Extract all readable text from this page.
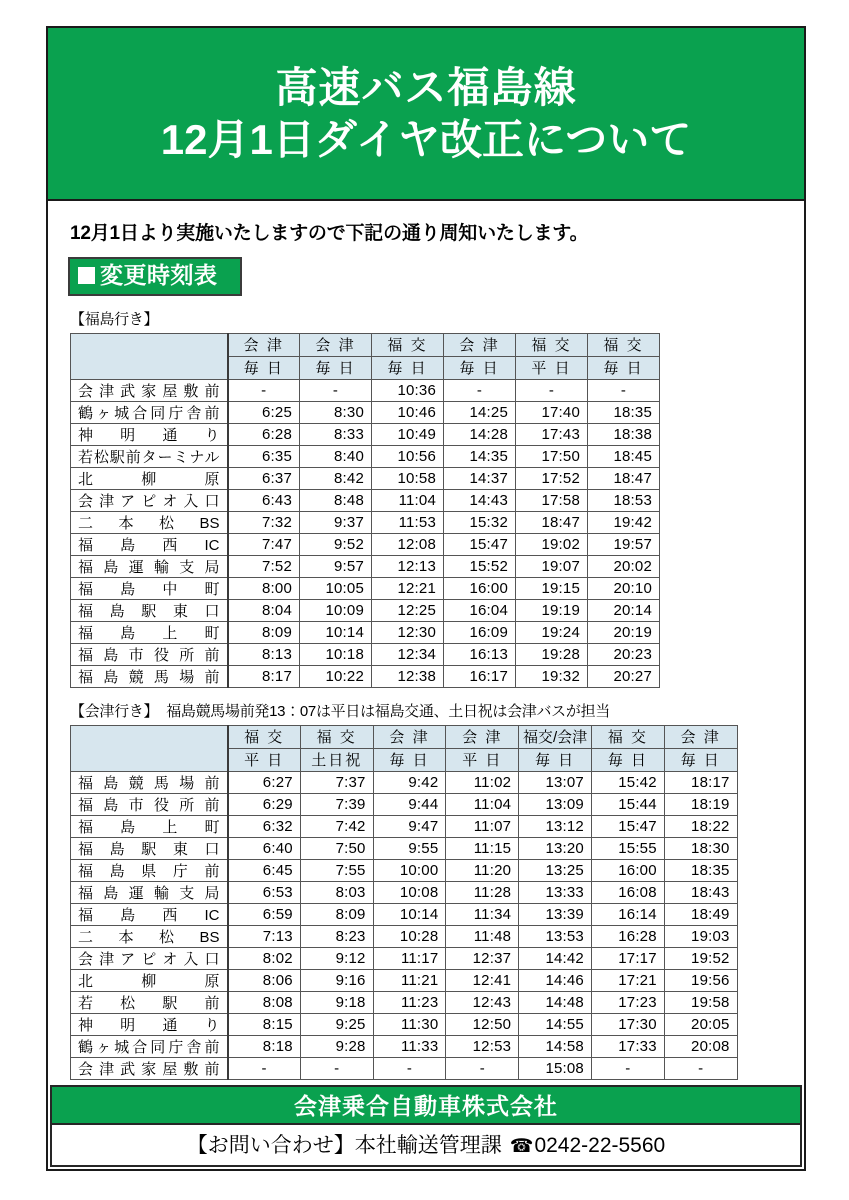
高速バス福島線
12月1日ダイヤ改正について
12月1日より実施いたしますので下記の通り周知いたします。
変更時刻表
【福島行き】
	会 津	会 津	福 交	会 津	福 交	福 交
	毎 日	毎 日	毎 日	毎 日	平 日	毎 日
会津武家屋敷前	-	-	10:36	-	-	-
鶴ヶ城合同庁舎前	6:25	8:30	10:46	14:25	17:40	18:35
神明通り	6:28	8:33	10:49	14:28	17:43	18:38
若松駅前ターミナル	6:35	8:40	10:56	14:35	17:50	18:45
北柳原	6:37	8:42	10:58	14:37	17:52	18:47
会津アピオ入口	6:43	8:48	11:04	14:43	17:58	18:53
二本松BS	7:32	9:37	11:53	15:32	18:47	19:42
福島西IC	7:47	9:52	12:08	15:47	19:02	19:57
福島運輸支局	7:52	9:57	12:13	15:52	19:07	20:02
福島中町	8:00	10:05	12:21	16:00	19:15	20:10
福島駅東口	8:04	10:09	12:25	16:04	19:19	20:14
福島上町	8:09	10:14	12:30	16:09	19:24	20:19
福島市役所前	8:13	10:18	12:34	16:13	19:28	20:23
福島競馬場前	8:17	10:22	12:38	16:17	19:32	20:27
【会津行き】 福島競馬場前発13：07は平日は福島交通、土日祝は会津バスが担当
	福 交	福 交	会 津	会 津	福交/会津	福 交	会 津
	平 日	土日祝	毎 日	平 日	毎 日	毎 日	毎 日
福島競馬場前	6:27	7:37	9:42	11:02	13:07	15:42	18:17
福島市役所前	6:29	7:39	9:44	11:04	13:09	15:44	18:19
福島上町	6:32	7:42	9:47	11:07	13:12	15:47	18:22
福島駅東口	6:40	7:50	9:55	11:15	13:20	15:55	18:30
福島県庁前	6:45	7:55	10:00	11:20	13:25	16:00	18:35
福島運輸支局	6:53	8:03	10:08	11:28	13:33	16:08	18:43
福島西IC	6:59	8:09	10:14	11:34	13:39	16:14	18:49
二本松BS	7:13	8:23	10:28	11:48	13:53	16:28	19:03
会津アピオ入口	8:02	9:12	11:17	12:37	14:42	17:17	19:52
北柳原	8:06	9:16	11:21	12:41	14:46	17:21	19:56
若松駅前	8:08	9:18	11:23	12:43	14:48	17:23	19:58
神明通り	8:15	9:25	11:30	12:50	14:55	17:30	20:05
鶴ヶ城合同庁舎前	8:18	9:28	11:33	12:53	14:58	17:33	20:08
会津武家屋敷前	-	-	-	-	15:08	-	-
会津乗合自動車株式会社
【お問い合わせ】本社輸送管理課 ☎0242-22-5560
